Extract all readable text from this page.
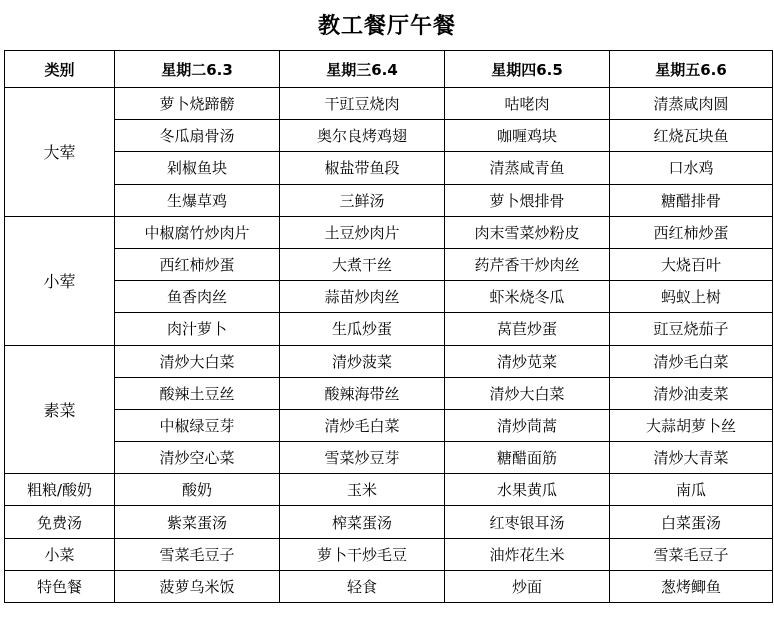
教工餐厅午餐
类别	星期二6.3	星期三6.4	星期四6.5	星期五6.6
大荤	萝卜烧蹄髈	干豇豆烧肉	咕咾肉	清蒸咸肉圆
	冬瓜扇骨汤	奥尔良烤鸡翅	咖喱鸡块	红烧瓦块鱼
	剁椒鱼块	椒盐带鱼段	清蒸咸青鱼	口水鸡
	生爆草鸡	三鲜汤	萝卜煨排骨	糖醋排骨
小荤	中椒腐竹炒肉片	土豆炒肉片	肉末雪菜炒粉皮	西红柿炒蛋
	西红柿炒蛋	大煮干丝	药芹香干炒肉丝	大烧百叶
	鱼香肉丝	蒜苗炒肉丝	虾米烧冬瓜	蚂蚁上树
	肉汁萝卜	生瓜炒蛋	莴苣炒蛋	豇豆烧茄子
素菜	清炒大白菜	清炒菠菜	清炒苋菜	清炒毛白菜
	酸辣土豆丝	酸辣海带丝	清炒大白菜	清炒油麦菜
	中椒绿豆芽	清炒毛白菜	清炒茼蒿	大蒜胡萝卜丝
	清炒空心菜	雪菜炒豆芽	糖醋面筋	清炒大青菜
粗粮/酸奶	酸奶	玉米	水果黄瓜	南瓜
免费汤	紫菜蛋汤	榨菜蛋汤	红枣银耳汤	白菜蛋汤
小菜	雪菜毛豆子	萝卜干炒毛豆	油炸花生米	雪菜毛豆子
特色餐	菠萝乌米饭	轻食	炒面	葱烤鲫鱼
